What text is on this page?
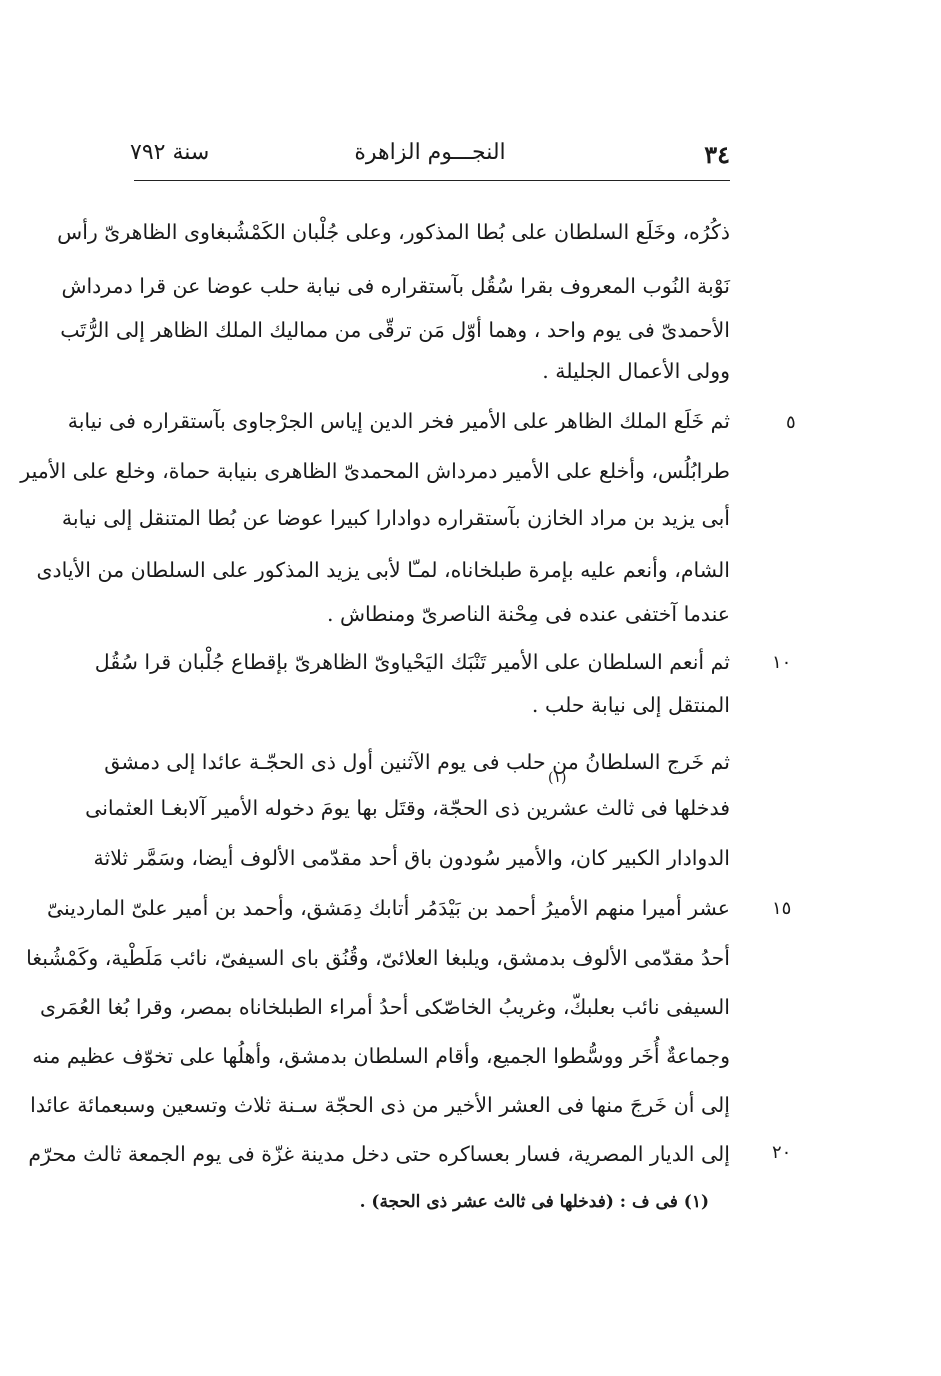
٣٤
النجـــوم الزاهرة
سنة ٧٩٢
ذكُرُه، وخَلَع السلطان على بُطا المذكور، وعلى جُلْبان الكَمْشُبغاوى الظاهرىّ رأس
نَوْبة النُوب المعروف بقرا سُقُل بآستقراره فى نيابة حلب عوضا عن قرا دمرداش
الأحمدىّ فى يوم واحد ، وهما أوّل مَن ترقّى من مماليك الملك الظاهر إلى الرُّتَب
وولى الأعمال الجليلة .
ثم خَلَع الملك الظاهر على الأمير فخر الدين إياس الجرْجاوى بآستقراره فى نيابة
طرابُلُس، وأخلع على الأمير دمرداش المحمدىّ الظاهرى بنيابة حماة، وخلع على الأمير
أبى يزيد بن مراد الخازن بآستقراره دوادارا كبيرا عوضا عن بُطا المتنقل إلى نيابة
الشام، وأنعم عليه بإمرة طبلخاناه، لمـّا لأبى يزيد المذكور على السلطان من الأيادى
عندما آختفى عنده فى مِحْنة الناصرىّ ومنطاش .
ثم أنعم السلطان على الأمير تَنْبَك اليَحْياوىّ الظاهرىّ بإقطاع جُلْبان قرا سُقُل
المنتقل إلى نيابة حلب .
ثم خَرج السلطانُ من حلب فى يوم الآثنين أول ذى الحجّـة عائدا إلى دمشق
فدخلها فى ثالث عشرين ذى الحجّة، وقتَل بها يومَ دخوله الأمير آلابغـا العثمانى
الدوادار الكبير كان، والأمير سُودون باق أحد مقدّمى الألوف أيضا، وسَمَّر ثلاثة
عشر أميرا منهم الأميرُ أحمد بن بَيْدَمُر أتابك دِمَشق، وأحمد بن أمير علىّ الماردينىّ
أحدُ مقدّمى الألوف بدمشق، ويلبغا العلائىّ، وقُنُق باى السيفىّ، نائب مَلَطْية، وكَمْشُبغا
السيفى نائب بعلبكّ، وغريبُ الخاصّكى أحدُ أمراء الطبلخاناه بمصر، وقرا بُغا العُمَرى
وجماعةٌ أُخَر ووسُّطوا الجميع، وأقام السلطان بدمشق، وأهلُها على تخوّف عظيم منه
إلى أن خَرجَ منها فى العشر الأخير من ذى الحجّة سـنة ثلاث وتسعين وسبعمائة عائدا
إلى الديار المصرية، فسار بعساكره حتى دخل مدينة غزّة فى يوم الجمعة ثالث محرّم
٥
١٠
١٥
٢٠
(١)
(١) فى ف : (فدخلها فى ثالث عشر ذى الحجة) .
